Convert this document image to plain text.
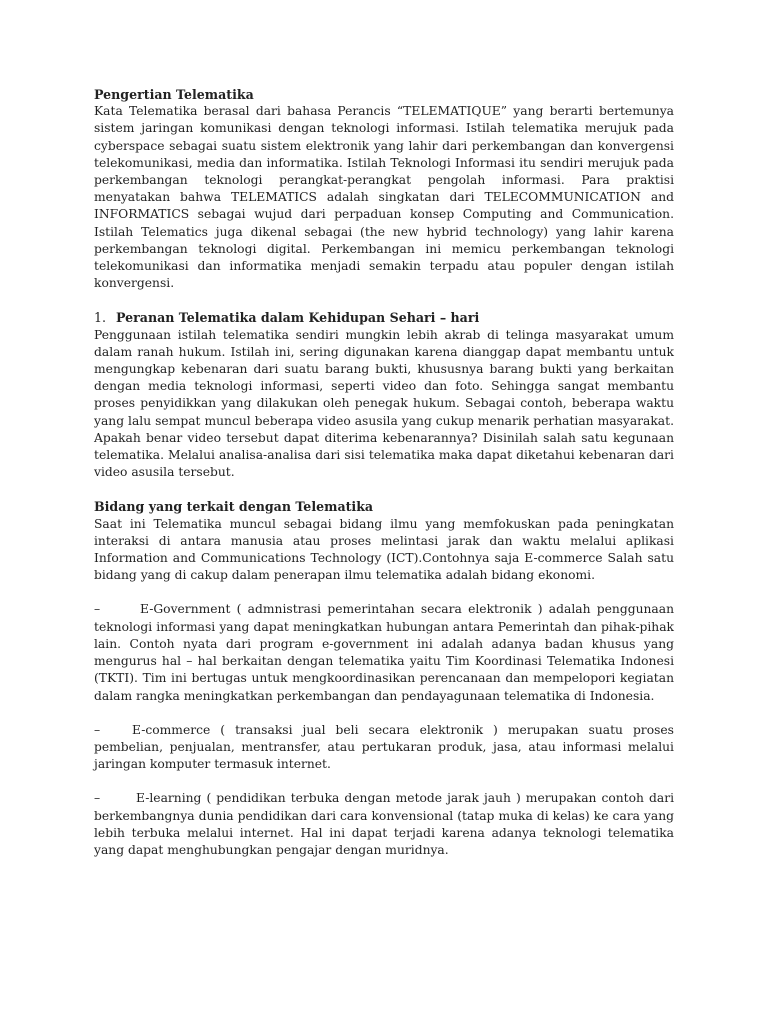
Pengertian Telematika

Kata Telematika berasal dari bahasa Perancis “TELEMATIQUE” yang berarti bertemunya sistem jaringan komunikasi dengan teknologi informasi. Istilah telematika merujuk pada cyberspace sebagai suatu sistem elektronik yang lahir dari perkembangan dan konvergensi telekomunikasi, media dan informatika. Istilah Teknologi Informasi itu sendiri merujuk pada perkembangan teknologi perangkat-perangkat pengolah informasi. Para praktisi menyatakan bahwa TELEMATICS adalah singkatan dari TELECOMMUNICATION and INFORMATICS sebagai wujud dari perpaduan konsep Computing and Communication. Istilah Telematics juga dikenal sebagai (the new hybrid technology) yang lahir karena perkembangan teknologi digital. Perkembangan ini memicu perkembangan teknologi telekomunikasi dan informatika menjadi semakin terpadu atau populer dengan istilah konvergensi.

1. Peranan Telematika dalam Kehidupan Sehari – hari

Penggunaan istilah telematika sendiri mungkin lebih akrab di telinga masyarakat umum dalam ranah hukum. Istilah ini, sering digunakan karena dianggap dapat membantu untuk mengungkap kebenaran dari suatu barang bukti, khususnya barang bukti yang berkaitan dengan media teknologi informasi, seperti video dan foto. Sehingga sangat membantu proses penyidikkan yang dilakukan oleh penegak hukum. Sebagai contoh, beberapa waktu yang lalu sempat muncul beberapa video asusila yang cukup menarik perhatian masyarakat. Apakah benar video tersebut dapat diterima kebenarannya? Disinilah salah satu kegunaan telematika. Melalui analisa-analisa dari sisi telematika maka dapat diketahui kebenaran dari video asusila tersebut.

Bidang yang terkait dengan Telematika

Saat ini Telematika muncul sebagai bidang ilmu yang memfokuskan pada peningkatan interaksi di antara manusia atau proses melintasi jarak dan waktu melalui aplikasi Information and Communications Technology (ICT).Contohnya saja E-commerce Salah satu bidang yang di cakup dalam penerapan ilmu telematika adalah bidang ekonomi.

–	E-Government ( admnistrasi pemerintahan secara elektronik ) adalah penggunaan teknologi informasi yang dapat meningkatkan hubungan antara Pemerintah dan pihak-pihak lain. Contoh nyata dari program e-government ini adalah adanya badan khusus yang mengurus hal – hal berkaitan dengan telematika yaitu Tim Koordinasi Telematika Indonesi (TKTI). Tim ini bertugas untuk mengkoordinasikan perencanaan dan mempelopori kegiatan dalam rangka meningkatkan perkembangan dan pendayagunaan telematika di Indonesia.

–	E-commerce ( transaksi jual beli secara elektronik ) merupakan suatu proses pembelian, penjualan, mentransfer, atau pertukaran produk, jasa, atau informasi melalui jaringan komputer termasuk internet.

–	E-learning ( pendidikan terbuka dengan metode jarak jauh ) merupakan contoh dari berkembangnya dunia pendidikan dari cara konvensional (tatap muka di kelas) ke cara yang lebih terbuka melalui internet. Hal ini dapat terjadi karena adanya teknologi telematika yang dapat menghubungkan pengajar dengan muridnya.
